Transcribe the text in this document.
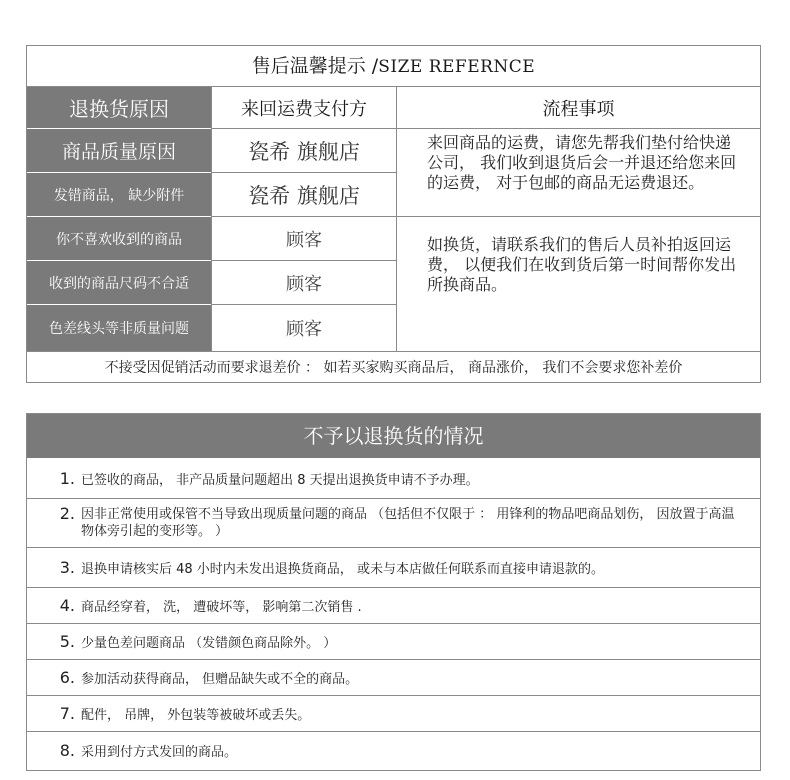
售后温馨提示 /SIZE REFERNCE
退换货原因	来回运费支付方	流程事项
商品质量原因	瓷希 旗舰店
发错商品， 缺少附件	瓷希 旗舰店
来回商品的运费，请您先帮我们垫付给快递公司， 我们收到退货后会一并退还给您来回的运费， 对于包邮的商品无运费退还。
你不喜欢收到的商品	顾客
收到的商品尺码不合适	顾客
色差线头等非质量问题	顾客
如换货，请联系我们的售后人员补拍返回运费， 以便我们在收到货后第一时间帮你发出所换商品。
不接受因促销活动而要求退差价 ： 如若买家购买商品后， 商品涨价， 我们不会要求您补差价
不予以退换货的情况
1. 已签收的商品， 非产品质量问题超出 8 天提出退换货申请不予办理。
2. 因非正常使用或保管不当导致出现质量问题的商品 （包括但不仅限于 ： 用锋利的物品吧商品划伤， 因放置于高温物体旁引起的变形等。 ）
3. 退换申请核实后 48 小时内未发出退换货商品， 或未与本店做任何联系而直接申请退款的。
4. 商品经穿着， 洗， 遭破坏等， 影响第二次销售 .
5. 少量色差问题商品 （发错颜色商品除外。 ）
6. 参加活动获得商品， 但赠品缺失或不全的商品。
7. 配件， 吊牌， 外包装等被破坏或丢失。
8. 采用到付方式发回的商品。
